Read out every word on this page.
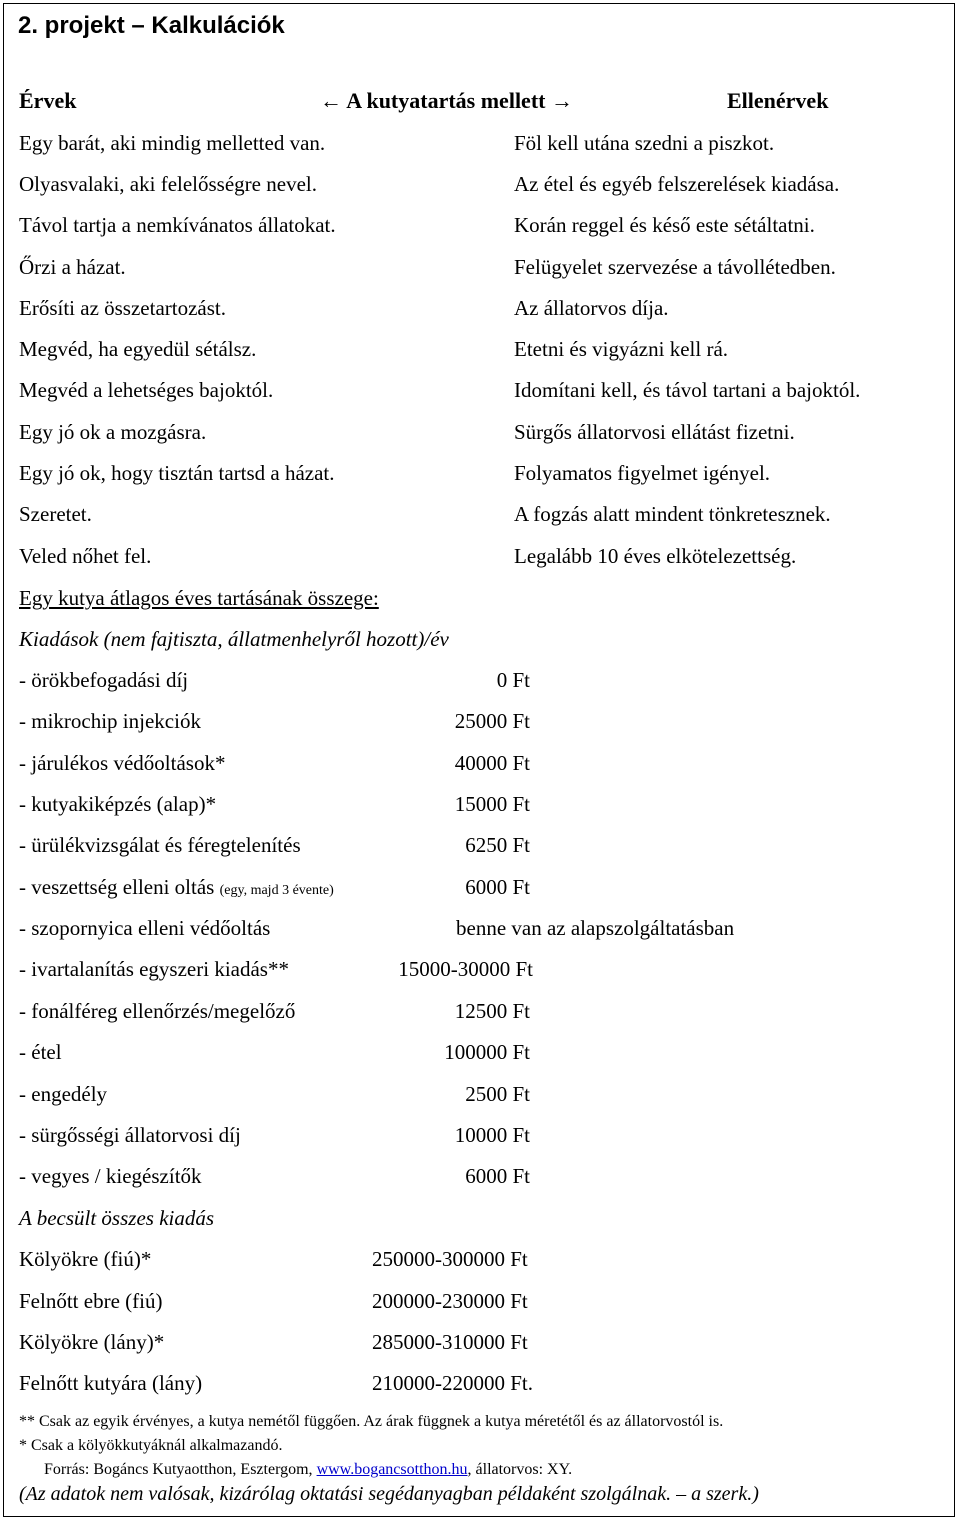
2. projekt – Kalkulációk
Érvek	← A kutyatartás mellett →	Ellenérvek
Egy barát, aki mindig melletted van.	Föl kell utána szedni a piszkot.
Olyasvalaki, aki felelősségre nevel.	Az étel és egyéb felszerelések kiadása.
Távol tartja a nemkívánatos állatokat.	Korán reggel és késő este sétáltatni.
Őrzi a házat.	Felügyelet szervezése a távollétedben.
Erősíti az összetartozást.	Az állatorvos díja.
Megvéd, ha egyedül sétálsz.	Etetni és vigyázni kell rá.
Megvéd a lehetséges bajoktól.	Idomítani kell, és távol tartani a bajoktól.
Egy jó ok a mozgásra.	Sürgős állatorvosi ellátást fizetni.
Egy jó ok, hogy tisztán tartsd a házat.	Folyamatos figyelmet igényel.
Szeretet.	A fogzás alatt mindent tönkretesznek.
Veled nőhet fel.	Legalább 10 éves elkötelezettség.
Egy kutya átlagos éves tartásának összege:
Kiadások (nem fajtiszta, állatmenhelyről hozott)/év
- örökbefogadási díj	0 Ft
- mikrochip injekciók	25000 Ft
- járulékos védőoltások*	40000 Ft
- kutyakiképzés (alap)*	15000 Ft
- ürülékvizsgálat és féregtelenítés	6250 Ft
- veszettség elleni oltás (egy, majd 3 évente)	6000 Ft
- szopornyica elleni védőoltás	benne van az alapszolgáltatásban
- ivartalanítás egyszeri kiadás**	15000-30000 Ft
- fonálféreg ellenőrzés/megelőző	12500 Ft
- étel	100000 Ft
- engedély	2500 Ft
- sürgősségi állatorvosi díj	10000 Ft
- vegyes / kiegészítők	6000 Ft
A becsült összes kiadás
Kölyökre (fiú)*	250000-300000 Ft
Felnőtt ebre (fiú)	200000-230000 Ft
Kölyökre (lány)*	285000-310000 Ft
Felnőtt kutyára (lány)	210000-220000 Ft.
** Csak az egyik érvényes, a kutya nemétől függően. Az árak függnek a kutya méretétől és az állatorvostól is.
* Csak a kölyökkutyáknál alkalmazandó.
Forrás: Bogáncs Kutyaotthon, Esztergom, www.bogancsotthon.hu, állatorvos: XY.
(Az adatok nem valósak, kizárólag oktatási segédanyagban példaként szolgálnak. – a szerk.)
